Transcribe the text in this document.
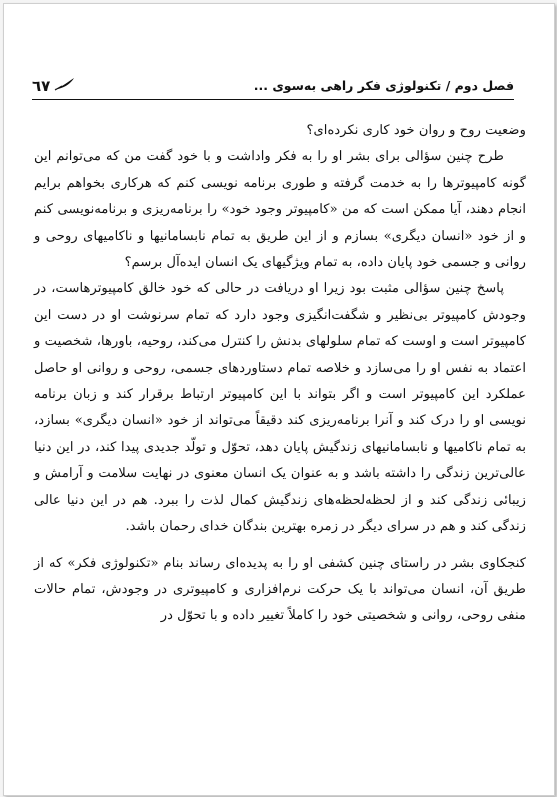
فصل دوم / تکنولوژی فکر راهی به‌سوی ...
٦٧

وضعیت روح و روان خود کاری نکرده‌ای؟

طرح چنین سؤالی برای بشر او را به فکر واداشت و با خود گفت من که می‌توانم این گونه کامپیوترها را به خدمت گرفته و طوری برنامه نویسی کنم که هرکاری بخواهم برایم انجام دهند، آیا ممکن است که من «کامپیوتر وجود خود» را برنامه‌ریزی و برنامه‌نویسی کنم و از خود «انسان دیگری» بسازم و از این طریق به تمام نابسامانیها و ناکامیهای روحی و روانی و جسمی خود پایان داده، به تمام ویژگیهای یک انسان ایده‌آل برسم؟

پاسخ چنین سؤالی مثبت بود زیرا او دریافت در حالی که خود خالق کامپیوترهاست، در وجودش کامپیوتر بی‌نظیر و شگفت‌انگیزی وجود دارد که تمام سرنوشت او در دست این کامپیوتر است و اوست که تمام سلولهای بدنش را کنترل می‌کند، روحیه، باورها، شخصیت و اعتماد به نفس او را می‌سازد و خلاصه تمام دستاوردهای جسمی، روحی و روانی او حاصل عملکرد این کامپیوتر است و اگر بتواند با این کامپیوتر ارتباط برقرار کند و زبان برنامه نویسی او را درک کند و آنرا برنامه‌ریزی کند دقیقاً می‌تواند از خود «انسان دیگری» بسازد، به تمام ناکامیها و نابسامانیهای زندگیش پایان دهد، تحوّل و تولّد جدیدی پیدا کند، در این دنیا عالی‌ترین زندگی را داشته باشد و به عنوان یک انسان معنوی در نهایت سلامت و آرامش و زیبائی زندگی کند و از لحظه‌لحظه‌های زندگیش کمال لذت را ببرد. هم در این دنیا عالی زندگی کند و هم در سرای دیگر در زمره بهترین بندگان خدای رحمان باشد.

کنجکاوی بشر در راستای چنین کشفی او را به پدیده‌ای رساند بنام «تکنولوژی فکر» که از طریق آن، انسان می‌تواند با یک حرکت نرم‌افزاری و کامپیوتری در وجودش، تمام حالات منفی روحی، روانی و شخصیتی خود را کاملاً تغییر داده و با تحوّل در
